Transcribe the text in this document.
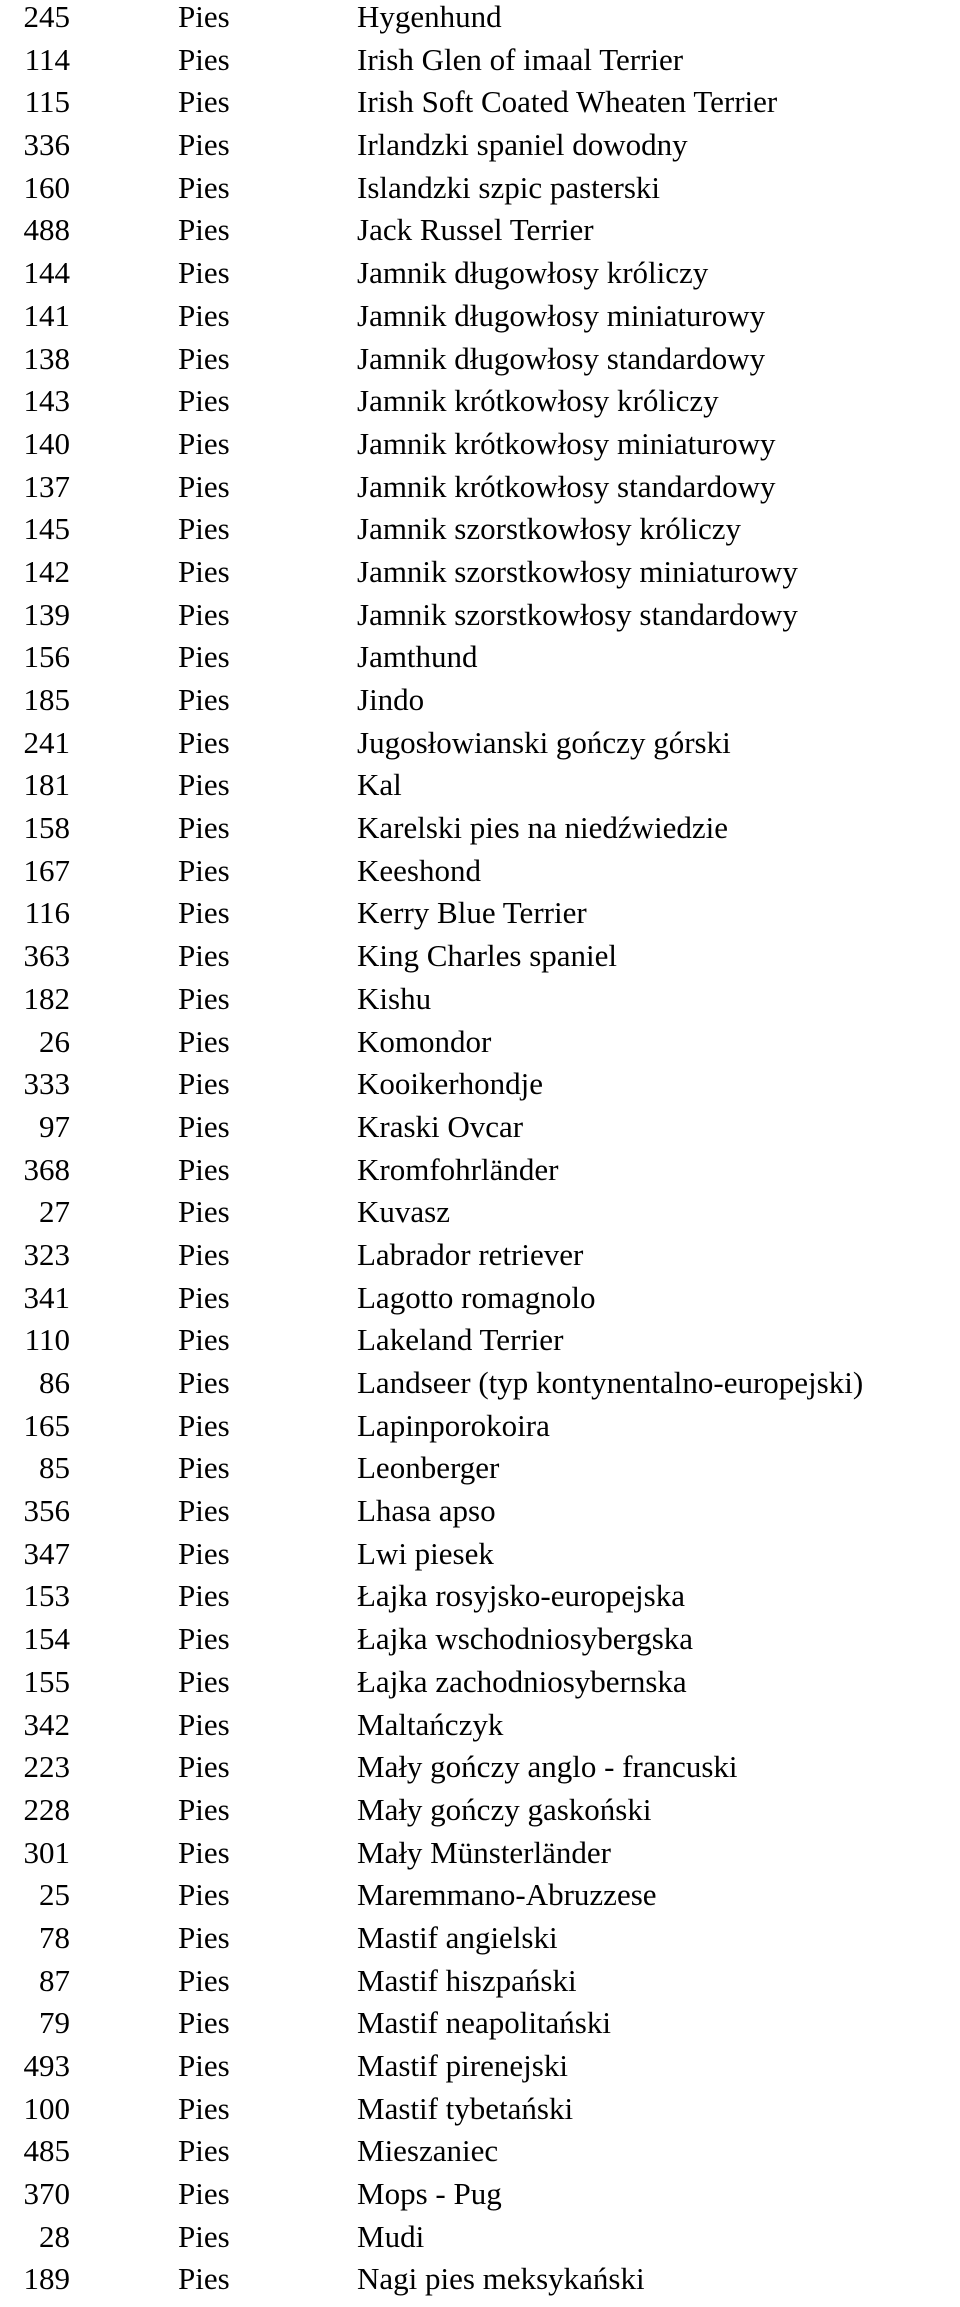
245	Pies	Hygenhund
114	Pies	Irish Glen of imaal Terrier
115	Pies	Irish Soft Coated Wheaten Terrier
336	Pies	Irlandzki spaniel dowodny
160	Pies	Islandzki szpic pasterski
488	Pies	Jack Russel Terrier
144	Pies	Jamnik długowłosy króliczy
141	Pies	Jamnik długowłosy miniaturowy
138	Pies	Jamnik długowłosy standardowy
143	Pies	Jamnik krótkowłosy króliczy
140	Pies	Jamnik krótkowłosy miniaturowy
137	Pies	Jamnik krótkowłosy standardowy
145	Pies	Jamnik szorstkowłosy króliczy
142	Pies	Jamnik szorstkowłosy miniaturowy
139	Pies	Jamnik szorstkowłosy standardowy
156	Pies	Jamthund
185	Pies	Jindo
241	Pies	Jugosłowianski gończy górski
181	Pies	Kal
158	Pies	Karelski pies na niedźwiedzie
167	Pies	Keeshond
116	Pies	Kerry Blue Terrier
363	Pies	King Charles spaniel
182	Pies	Kishu
26	Pies	Komondor
333	Pies	Kooikerhondje
97	Pies	Kraski Ovcar
368	Pies	Kromfohrländer
27	Pies	Kuvasz
323	Pies	Labrador retriever
341	Pies	Lagotto romagnolo
110	Pies	Lakeland Terrier
86	Pies	Landseer (typ kontynentalno-europejski)
165	Pies	Lapinporokoira
85	Pies	Leonberger
356	Pies	Lhasa apso
347	Pies	Lwi piesek
153	Pies	Łajka rosyjsko-europejska
154	Pies	Łajka wschodniosybergska
155	Pies	Łajka zachodniosybernska
342	Pies	Maltańczyk
223	Pies	Mały gończy anglo - francuski
228	Pies	Mały gończy gaskoński
301	Pies	Mały Münsterländer
25	Pies	Maremmano-Abruzzese
78	Pies	Mastif angielski
87	Pies	Mastif hiszpański
79	Pies	Mastif neapolitański
493	Pies	Mastif pirenejski
100	Pies	Mastif tybetański
485	Pies	Mieszaniec
370	Pies	Mops - Pug
28	Pies	Mudi
189	Pies	Nagi pies meksykański
